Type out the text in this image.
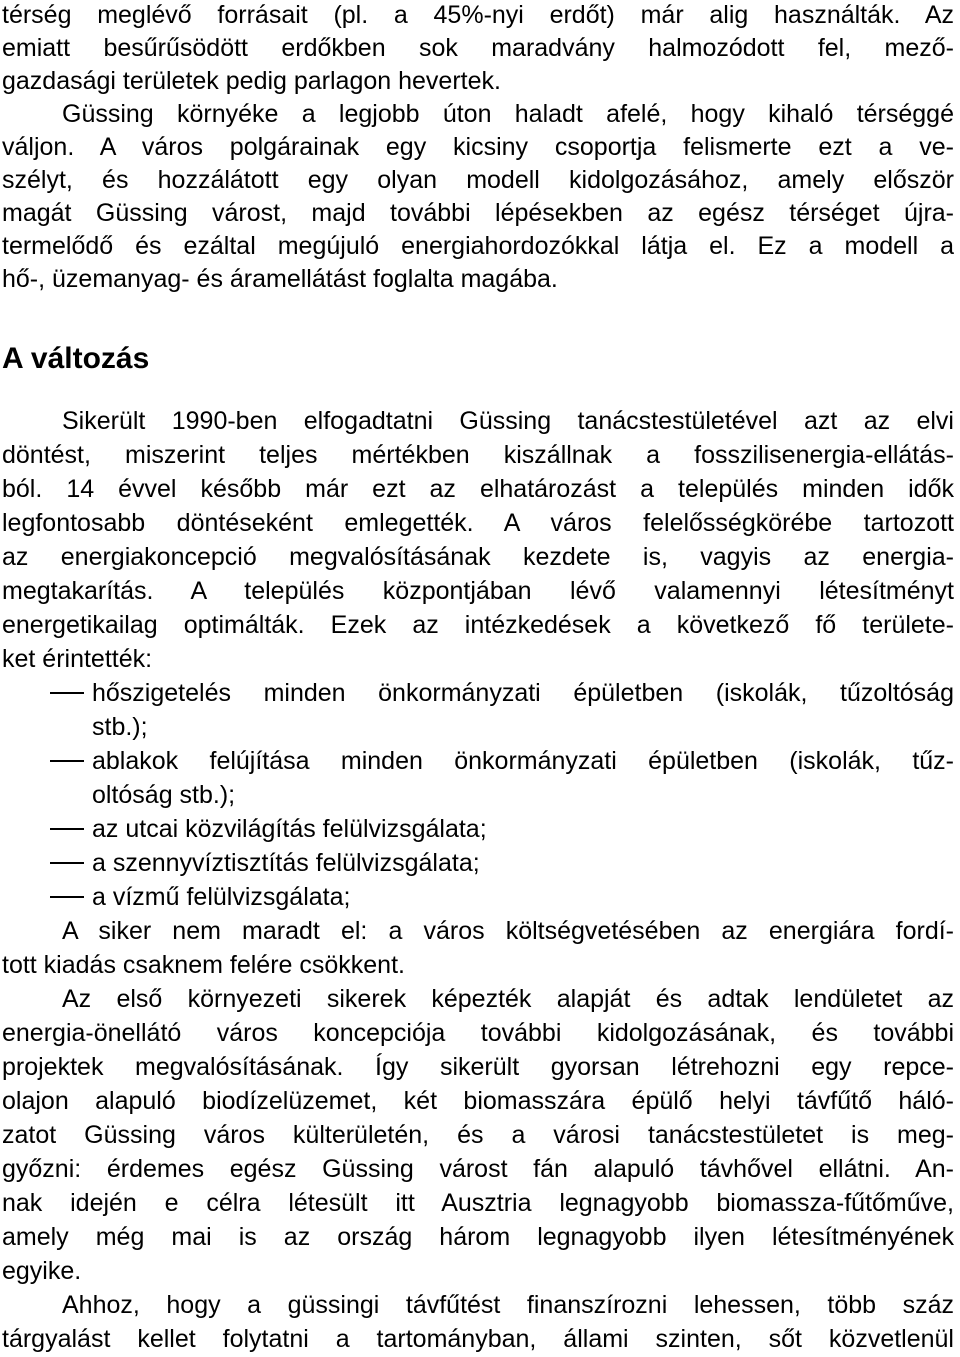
térség meglévő forrásait (pl. a 45%-nyi erdőt) már alig használták. Az
emiatt besűrűsödött erdőkben sok maradvány halmozódott fel, mező-
gazdasági területek pedig parlagon hevertek.
Güssing környéke a legjobb úton haladt afelé, hogy kihaló térséggé
váljon. A város polgárainak egy kicsiny csoportja felismerte ezt a ve-
szélyt, és hozzálátott egy olyan modell kidolgozásához, amely először
magát Güssing várost, majd további lépésekben az egész térséget újra-
termelődő és ezáltal megújuló energiahordozókkal látja el. Ez a modell a
hő-, üzemanyag- és áramellátást foglalta magába.
A változás
Sikerült 1990-ben elfogadtatni Güssing tanácstestületével azt az elvi
döntést, miszerint teljes mértékben kiszállnak a fosszilisenergia-ellátás-
ból. 14 évvel később már ezt az elhatározást a település minden idők
legfontosabb döntéseként emlegették. A város felelősségkörébe tartozott
az energiakoncepció megvalósításának kezdete is, vagyis az energia-
megtakarítás. A település központjában lévő valamennyi létesítményt
energetikailag optimálták. Ezek az intézkedések a következő fő területe-
ket érintették:
hőszigetelés minden önkormányzati épületben (iskolák, tűzoltóság
stb.);
ablakok felújítása minden önkormányzati épületben (iskolák, tűz-
oltóság stb.);
az utcai közvilágítás felülvizsgálata;
a szennyvíztisztítás felülvizsgálata;
a vízmű felülvizsgálata;
A siker nem maradt el: a város költségvetésében az energiára fordí-
tott kiadás csaknem felére csökkent.
Az első környezeti sikerek képezték alapját és adtak lendületet az
energia-önellátó város koncepciója további kidolgozásának, és további
projektek megvalósításának. Így sikerült gyorsan létrehozni egy repce-
olajon alapuló biodízelüzemet, két biomasszára épülő helyi távfűtő háló-
zatot Güssing város külterületén, és a városi tanácstestületet is meg-
győzni: érdemes egész Güssing várost fán alapuló távhővel ellátni. An-
nak idején e célra létesült itt Ausztria legnagyobb biomassza-fűtőműve,
amely még mai is az ország három legnagyobb ilyen létesítményének
egyike.
Ahhoz, hogy a güssingi távfűtést finanszírozni lehessen, több száz
tárgyalást kellet folytatni a tartományban, állami szinten, sőt közvetlenül
